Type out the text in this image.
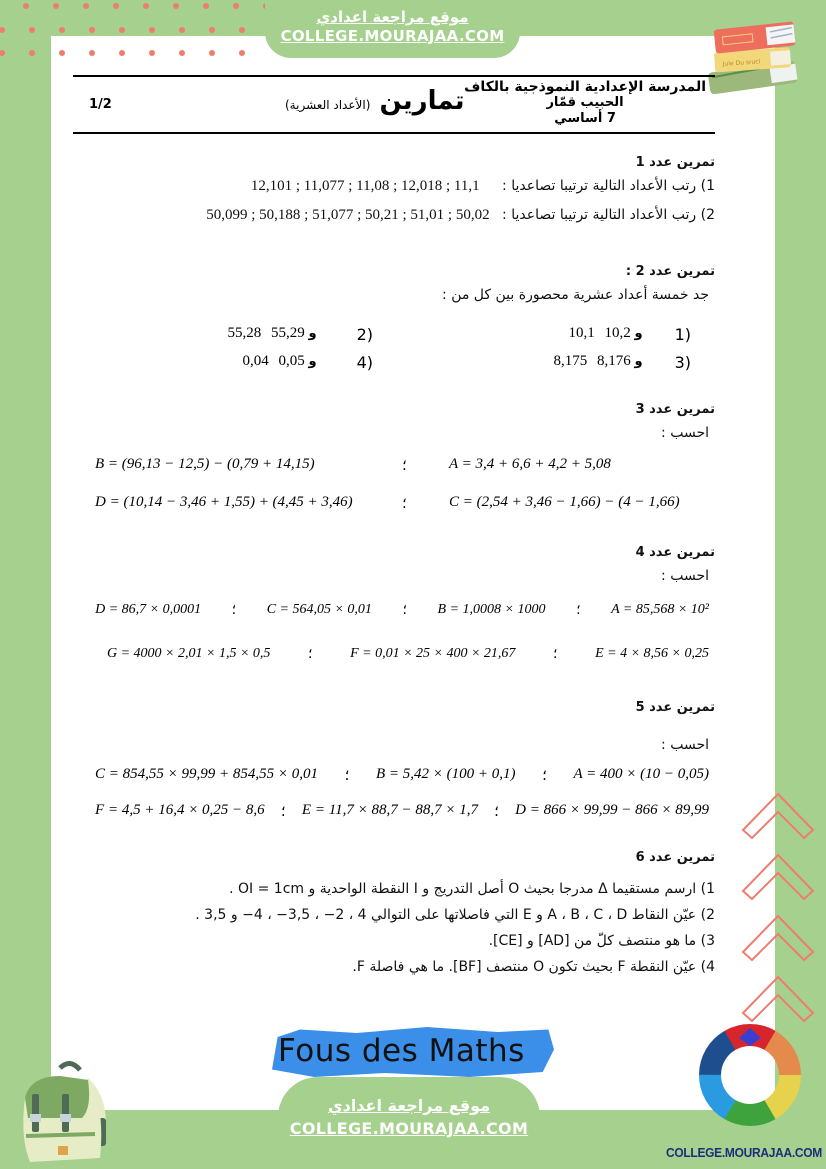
موقع مراجعة اعدادي
COLLEGE.MOURAJAA.COM
Jule Du srucl
1/2	تمارين (الأعداد العشرية)
المدرسة الإعدادية النموذجية بالكاف
الحبيب قمّار
7 أساسي
تمرين عدد 1
1) رتب الأعداد التالية ترتيبا تصاعديا : 12,101 ; 11,077 ; 11,08 ; 12,018 ; 11,1
2) رتب الأعداد التالية ترتيبا تصاعديا : 50,099 ; 50,188 ; 51,077 ; 50,21 ; 51,01 ; 50,02
تمرين عدد 2 :
جد خمسة أعداد عشرية محصورة بين كل من :
(1
10,1	و 10,2
(2
55,28	و 55,29
(3
8,175	و 8,176
(4
0,04	و 0,05
تمرين عدد 3
احسب :
A = 3,4 + 6,6 + 4,2 + 5,08
؛
B = (96,13 − 12,5) − (0,79 + 14,15)
C = (2,54 + 3,46 − 1,66) − (4 − 1,66)
؛
D = (10,14 − 3,46 + 1,55) + (4,45 + 3,46)
تمرين عدد 4
احسب :
A = 85,568 × 10²
؛
B = 1,0008 × 1000
؛
C = 564,05 × 0,01
؛
D = 86,7 × 0,0001
E = 4 × 8,56 × 0,25
؛
F = 0,01 × 25 × 400 × 21,67
؛
G = 4000 × 2,01 × 1,5 × 0,5
تمرين عدد 5
احسب :
A = 400 × (10 − 0,05)
؛
B = 5,42 × (100 + 0,1)
؛
C = 854,55 × 99,99 + 854,55 × 0,01
D = 866 × 99,99 − 866 × 89,99
؛
E = 11,7 × 88,7 − 88,7 × 1,7
؛
F = 4,5 + 16,4 × 0,25 − 8,6
تمرين عدد 6
1) ارسم مستقيما Δ مدرجا بحيث O أصل التدريج و I النقطة الواحدية و OI = 1cm .
2) عيّن النقاط A ، B ، C ، D و E التي فاصلاتها على التوالي 4 ، 2− ، 3,5− ، 4− و 3,5 .
3) ما هو منتصف كلّ من [AD] و [CE].
4) عيّن النقطة F بحيث تكون O منتصف [BF]. ما هي فاصلة F.
Fous des Maths
موقع مراجعة اعدادي
COLLEGE.MOURAJAA.COM
COLLEGE.MOURAJAA.COM
